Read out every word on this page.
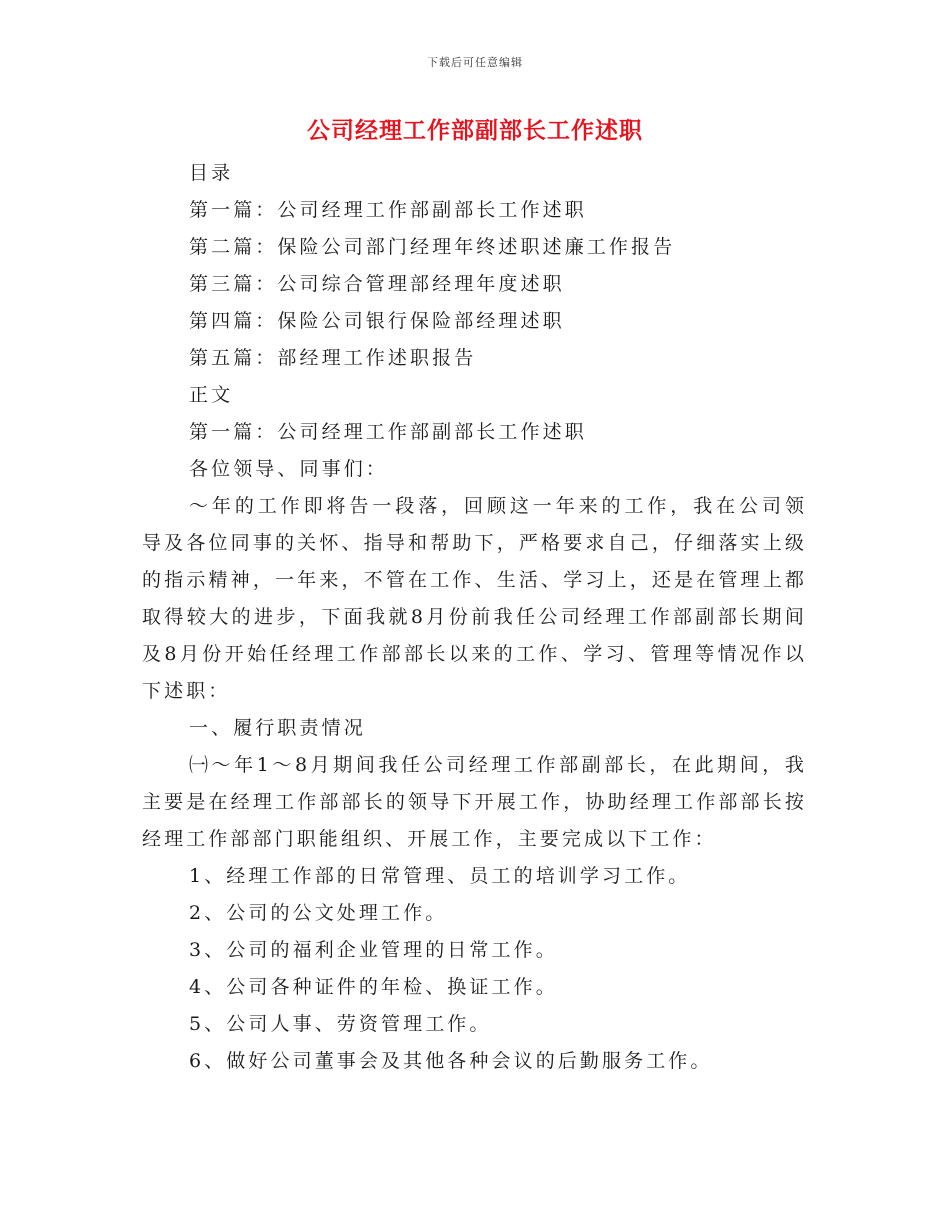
下载后可任意编辑
公司经理工作部副部长工作述职

目录

第一篇：公司经理工作部副部长工作述职

第二篇：保险公司部门经理年终述职述廉工作报告

第三篇：公司综合管理部经理年度述职

第四篇：保险公司银行保险部经理述职

第五篇：部经理工作述职报告

正文

第一篇：公司经理工作部副部长工作述职

各位领导、同事们：

～年的工作即将告一段落，回顾这一年来的工作，我在公司领导及各位同事的关怀、指导和帮助下，严格要求自己，仔细落实上级的指示精神，一年来，不管在工作、生活、学习上，还是在管理上都取得较大的进步，下面我就8月份前我任公司经理工作部副部长期间及8月份开始任经理工作部部长以来的工作、学习、管理等情况作以下述职：

一、履行职责情况

㈠～年1～8月期间我任公司经理工作部副部长，在此期间，我主要是在经理工作部部长的领导下开展工作，协助经理工作部部长按经理工作部部门职能组织、开展工作，主要完成以下工作：

1、经理工作部的日常管理、员工的培训学习工作。

2、公司的公文处理工作。

3、公司的福利企业管理的日常工作。

4、公司各种证件的年检、换证工作。

5、公司人事、劳资管理工作。

6、做好公司董事会及其他各种会议的后勤服务工作。
